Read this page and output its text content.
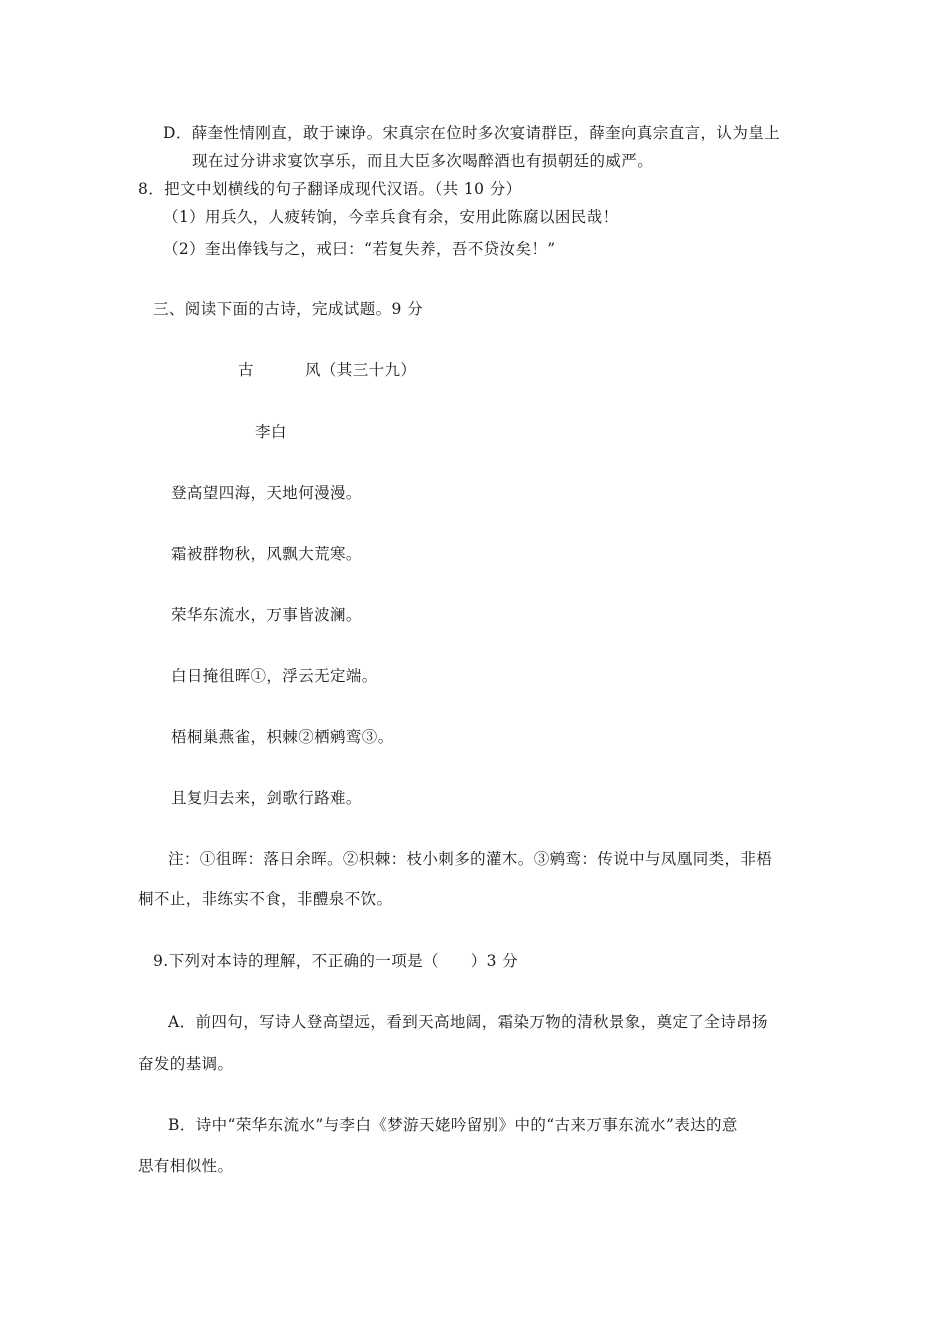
D．薛奎性情刚直，敢于谏诤。宋真宗在位时多次宴请群臣，薛奎向真宗直言，认为皇上
现在过分讲求宴饮享乐，而且大臣多次喝醉酒也有损朝廷的威严。
8．把文中划横线的句子翻译成现代汉语。（共 10 分）
（1）用兵久，人疲转饷，今幸兵食有余，安用此陈腐以困民哉！
（2）奎出俸钱与之，戒曰：“若复失养，吾不贷汝矣！”
三、阅读下面的古诗，完成试题。9 分
古	风（其三十九）
李白
登高望四海，天地何漫漫。
霜被群物秋，风飘大荒寒。
荣华东流水，万事皆波澜。
白日掩徂晖①，浮云无定端。
梧桐巢燕雀，枳棘②栖鹓鸾③。
且复归去来，剑歌行路难。
注：①徂晖：落日余晖。②枳棘：枝小刺多的灌木。③鹓鸾：传说中与凤凰同类，非梧
桐不止，非练实不食，非醴泉不饮。
9.下列对本诗的理解，不正确的一项是（　　）3 分
A．前四句，写诗人登高望远，看到天高地阔，霜染万物的清秋景象，奠定了全诗昂扬
奋发的基调。
B．诗中“荣华东流水”与李白《梦游天姥吟留别》中的“古来万事东流水”表达的意
思有相似性。
